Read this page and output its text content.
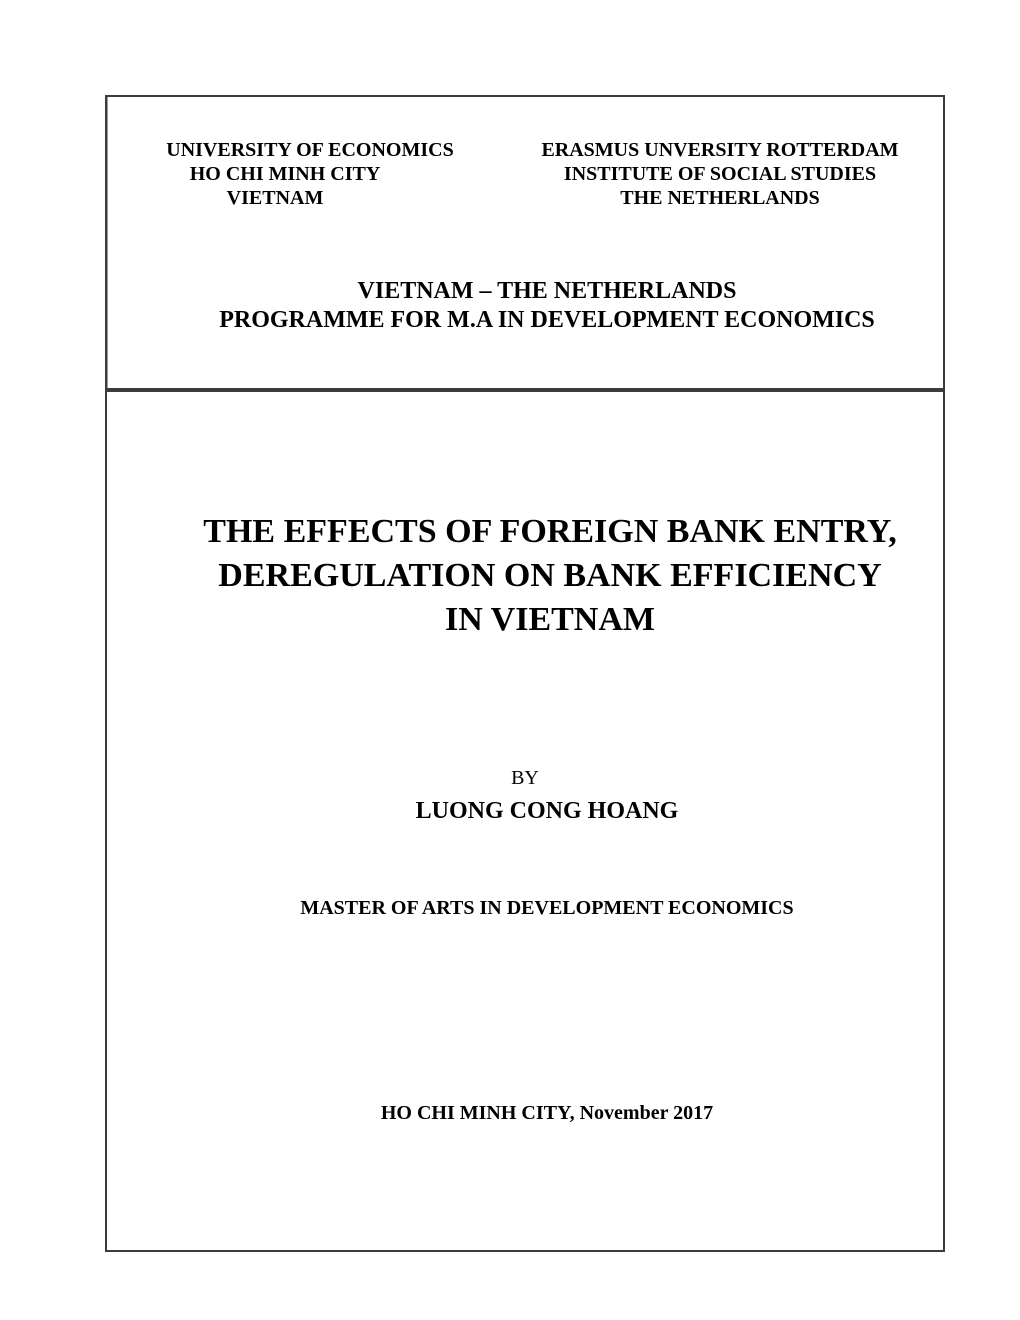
UNIVERSITY OF ECONOMICS
HO CHI MINH CITY
VIETNAM
ERASMUS UNVERSITY ROTTERDAM
INSTITUTE OF SOCIAL STUDIES
THE NETHERLANDS
VIETNAM – THE NETHERLANDS
PROGRAMME FOR M.A IN DEVELOPMENT ECONOMICS
THE EFFECTS OF FOREIGN BANK ENTRY,
DEREGULATION ON BANK EFFICIENCY
IN VIETNAM
BY
LUONG CONG HOANG
MASTER OF ARTS IN DEVELOPMENT ECONOMICS
HO CHI MINH CITY, November 2017
